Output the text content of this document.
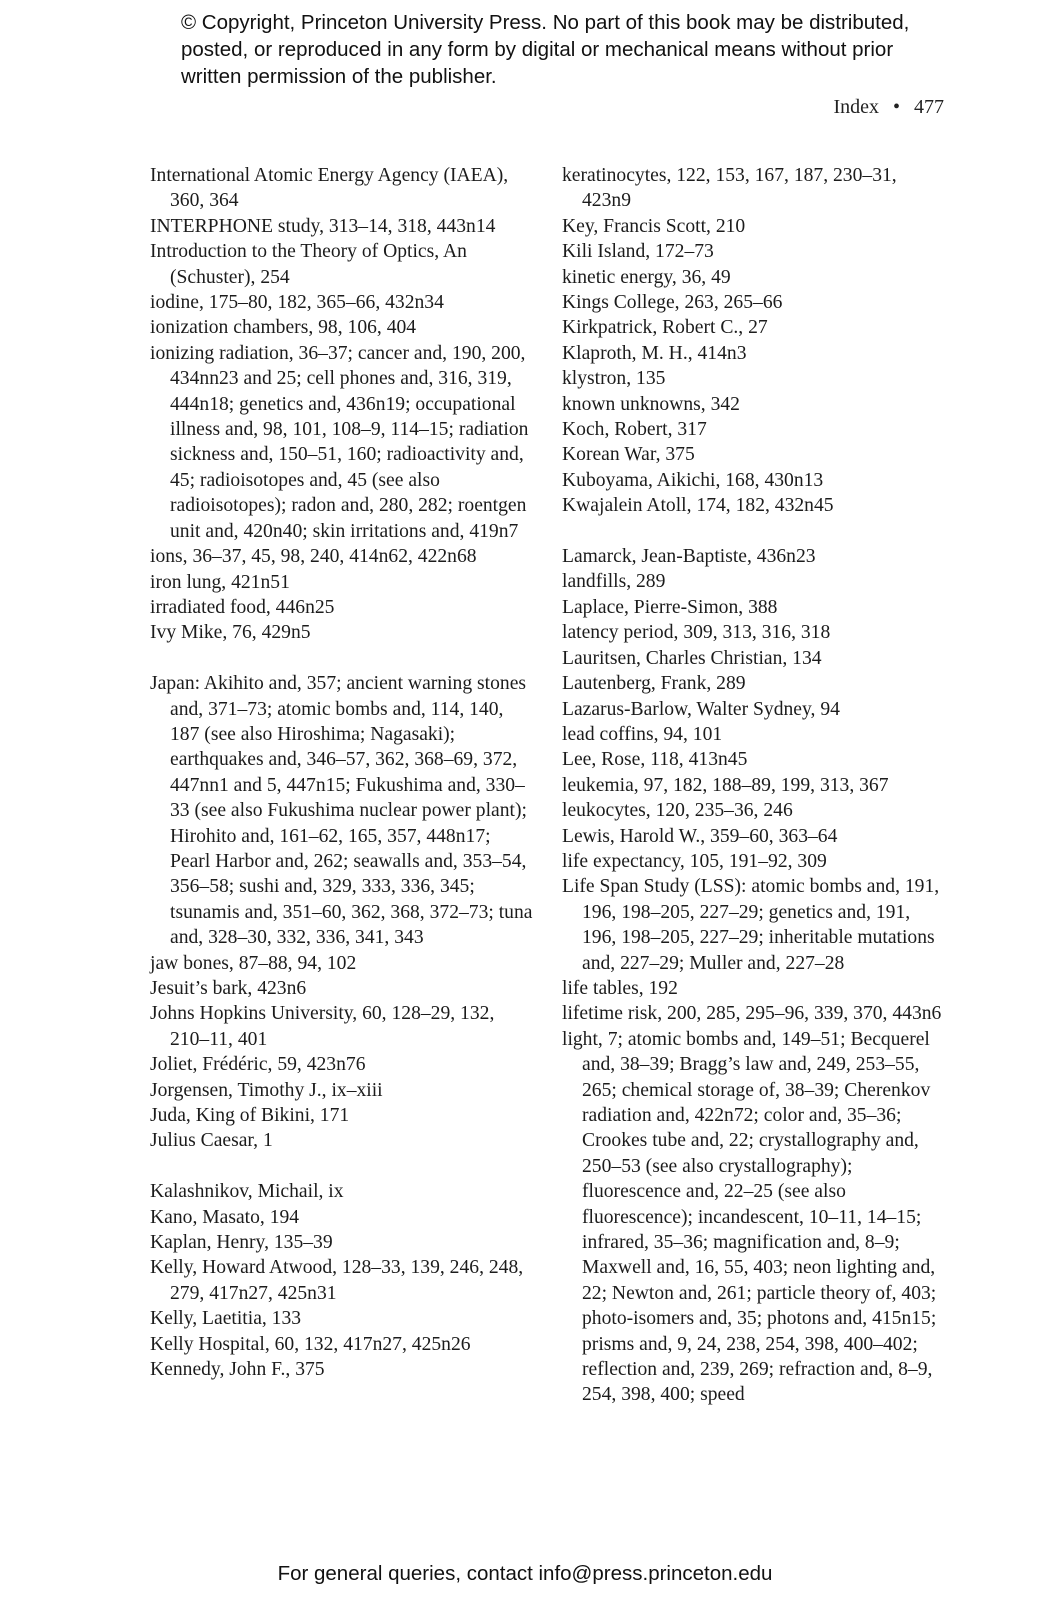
© Copyright, Princeton University Press. No part of this book may be distributed, posted, or reproduced in any form by digital or mechanical means without prior written permission of the publisher.
Index • 477

International Atomic Energy Agency (IAEA), 360, 364

INTERPHONE study, 313–14, 318, 443n14

Introduction to the Theory of Optics, An (Schuster), 254

iodine, 175–80, 182, 365–66, 432n34

ionization chambers, 98, 106, 404

ionizing radiation, 36–37; cancer and, 190, 200, 434nn23 and 25; cell phones and, 316, 319, 444n18; genetics and, 436n19; occupational illness and, 98, 101, 108–9, 114–15; radiation sickness and, 150–51, 160; radioactivity and, 45; radioisotopes and, 45 (see also radioisotopes); radon and, 280, 282; roentgen unit and, 420n40; skin irritations and, 419n7

ions, 36–37, 45, 98, 240, 414n62, 422n68

iron lung, 421n51

irradiated food, 446n25

Ivy Mike, 76, 429n5

Japan: Akihito and, 357; ancient warning stones and, 371–73; atomic bombs and, 114, 140, 187 (see also Hiroshima; Nagasaki); earthquakes and, 346–57, 362, 368–69, 372, 447nn1 and 5, 447n15; Fukushima and, 330–33 (see also Fukushima nuclear power plant); Hirohito and, 161–62, 165, 357, 448n17; Pearl Harbor and, 262; seawalls and, 353–54, 356–58; sushi and, 329, 333, 336, 345; tsunamis and, 351–60, 362, 368, 372–73; tuna and, 328–30, 332, 336, 341, 343

jaw bones, 87–88, 94, 102

Jesuit’s bark, 423n6

Johns Hopkins University, 60, 128–29, 132, 210–11, 401

Joliet, Frédéric, 59, 423n76

Jorgensen, Timothy J., ix–xiii

Juda, King of Bikini, 171

Julius Caesar, 1

Kalashnikov, Michail, ix

Kano, Masato, 194

Kaplan, Henry, 135–39

Kelly, Howard Atwood, 128–33, 139, 246, 248, 279, 417n27, 425n31

Kelly, Laetitia, 133

Kelly Hospital, 60, 132, 417n27, 425n26

Kennedy, John F., 375

keratinocytes, 122, 153, 167, 187, 230–31, 423n9

Key, Francis Scott, 210

Kili Island, 172–73

kinetic energy, 36, 49

Kings College, 263, 265–66

Kirkpatrick, Robert C., 27

Klaproth, M. H., 414n3

klystron, 135

known unknowns, 342

Koch, Robert, 317

Korean War, 375

Kuboyama, Aikichi, 168, 430n13

Kwajalein Atoll, 174, 182, 432n45

Lamarck, Jean-Baptiste, 436n23

landfills, 289

Laplace, Pierre-Simon, 388

latency period, 309, 313, 316, 318

Lauritsen, Charles Christian, 134

Lautenberg, Frank, 289

Lazarus-Barlow, Walter Sydney, 94

lead coffins, 94, 101

Lee, Rose, 118, 413n45

leukemia, 97, 182, 188–89, 199, 313, 367

leukocytes, 120, 235–36, 246

Lewis, Harold W., 359–60, 363–64

life expectancy, 105, 191–92, 309

Life Span Study (LSS): atomic bombs and, 191, 196, 198–205, 227–29; genetics and, 191, 196, 198–205, 227–29; inheritable mutations and, 227–29; Muller and, 227–28

life tables, 192

lifetime risk, 200, 285, 295–96, 339, 370, 443n6

light, 7; atomic bombs and, 149–51; Becquerel and, 38–39; Bragg’s law and, 249, 253–55, 265; chemical storage of, 38–39; Cherenkov radiation and, 422n72; color and, 35–36; Crookes tube and, 22; crystallography and, 250–53 (see also crystallography); fluorescence and, 22–25 (see also fluorescence); incandescent, 10–11, 14–15; infrared, 35–36; magnification and, 8–9; Maxwell and, 16, 55, 403; neon lighting and, 22; Newton and, 261; particle theory of, 403; photo-isomers and, 35; photons and, 415n15; prisms and, 9, 24, 238, 254, 398, 400–402; reflection and, 239, 269; refraction and, 8–9, 254, 398, 400; speed

For general queries, contact info@press.princeton.edu
